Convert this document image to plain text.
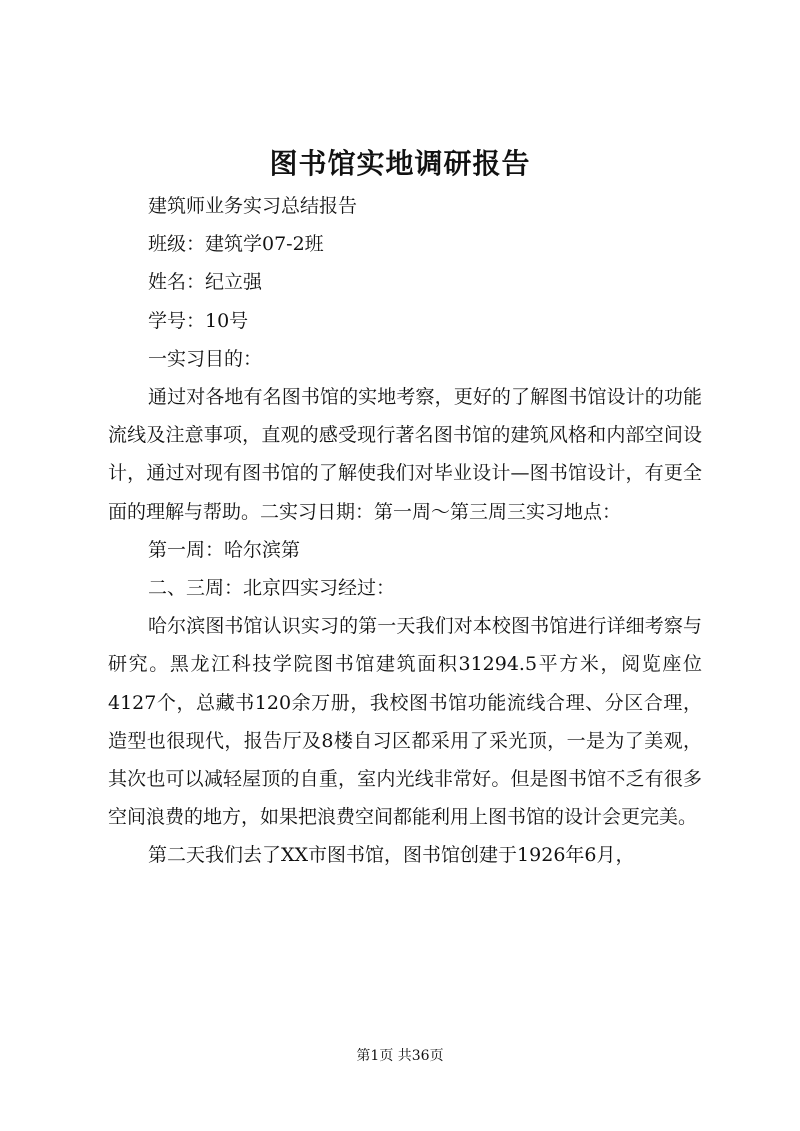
图书馆实地调研报告

建筑师业务实习总结报告

班级：建筑学07-2班

姓名：纪立强

学号：10号

一实习目的：

通过对各地有名图书馆的实地考察，更好的了解图书馆设计的功能流线及注意事项，直观的感受现行著名图书馆的建筑风格和内部空间设计，通过对现有图书馆的了解使我们对毕业设计—图书馆设计，有更全面的理解与帮助。二实习日期：第一周～第三周三实习地点：

第一周：哈尔滨第

二、三周：北京四实习经过：

哈尔滨图书馆认识实习的第一天我们对本校图书馆进行详细考察与研究。黑龙江科技学院图书馆建筑面积31294.5平方米，阅览座位4127个，总藏书120余万册，我校图书馆功能流线合理、分区合理，造型也很现代，报告厅及8楼自习区都采用了采光顶，一是为了美观，其次也可以减轻屋顶的自重，室内光线非常好。但是图书馆不乏有很多空间浪费的地方，如果把浪费空间都能利用上图书馆的设计会更完美。

第二天我们去了XX市图书馆，图书馆创建于1926年6月，

第1页 共36页
